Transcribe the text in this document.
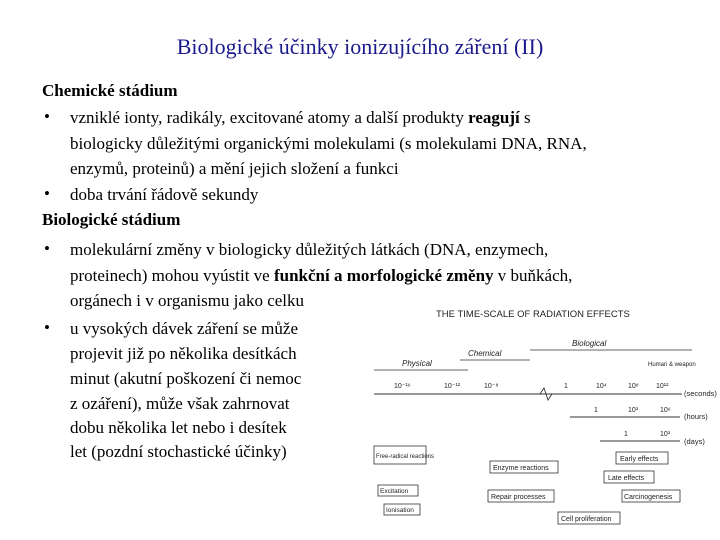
Biologické účinky ionizujícího záření (II)
Chemické stádium
• vzniklé ionty, radikály, excitované atomy a další produkty reagují s
biologicky důležitými organickými molekulami (s molekulami DNA, RNA,
enzymů, proteinů) a mění jejich složení a funkci
• doba trvání řádově sekundy
Biologické stádium
• molekulární změny v biologicky důležitých látkách (DNA, enzymech,
proteinech) mohou vyústit ve funkční a morfologické změny v buňkách,
orgánech i v organismu jako celku
• u vysokých dávek záření se může
projevit již po několika desítkách
minut (akutní poškození či nemoc
z ozáření), může však zahrnovat
dobu několika let nebo i desítek
let (pozdní stochastické účinky)
THE TIME-SCALE OF RADIATION EFFECTS
Physical
Chemical
Biological
Human & weapon
10⁻¹⁶	10⁻¹²	10⁻⁸	1	10⁴	10⁸ 10¹²
(seconds)
1	10³	10⁶
(hours)
1	10³
(days)
Free-radical reactions
Enzyme reactions
Early effects
Late effects
Excitation
Repair processes	Carcinogenesis
Ionisation
Cell proliferation
